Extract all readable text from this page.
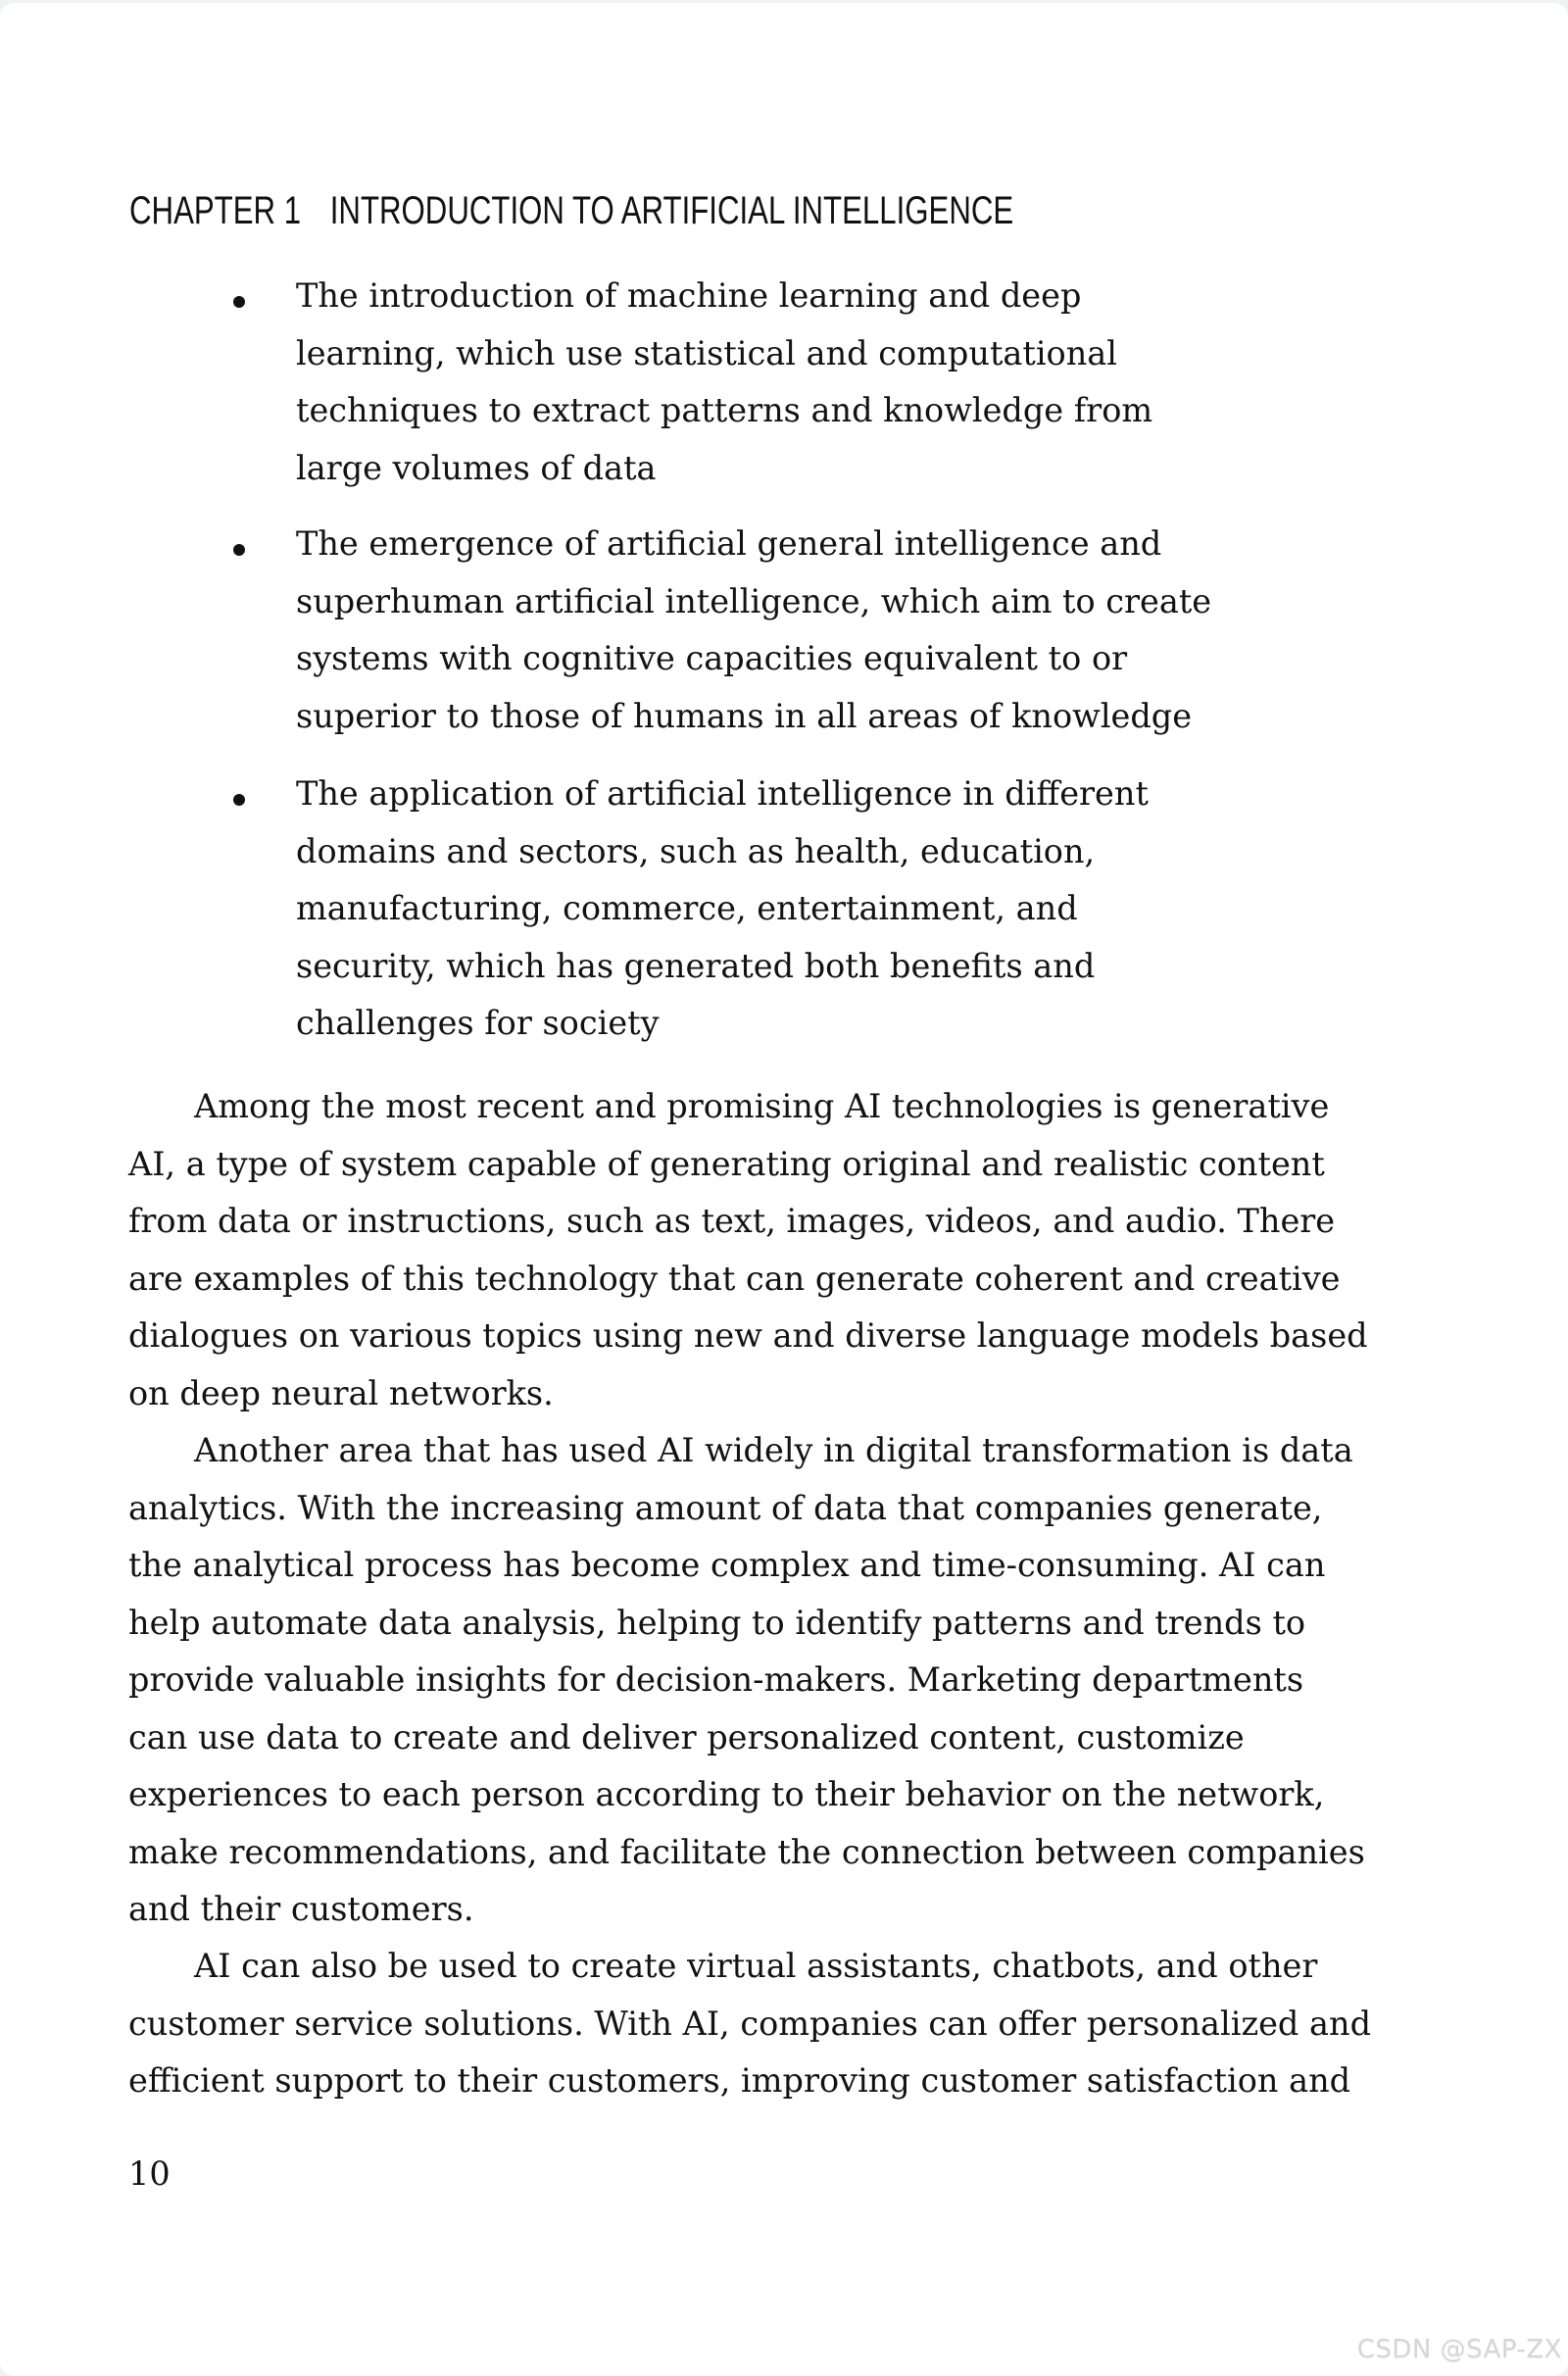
CHAPTER 1 INTRODUCTION TO ARTIFICIAL INTELLIGENCE
The introduction of machine learning and deep
learning, which use statistical and computational
techniques to extract patterns and knowledge from
large volumes of data
The emergence of artificial general intelligence and
superhuman artificial intelligence, which aim to create
systems with cognitive capacities equivalent to or
superior to those of humans in all areas of knowledge
The application of artificial intelligence in different
domains and sectors, such as health, education,
manufacturing, commerce, entertainment, and
security, which has generated both benefits and
challenges for society
Among the most recent and promising AI technologies is generative
AI, a type of system capable of generating original and realistic content
from data or instructions, such as text, images, videos, and audio. There
are examples of this technology that can generate coherent and creative
dialogues on various topics using new and diverse language models based
on deep neural networks.
Another area that has used AI widely in digital transformation is data
analytics. With the increasing amount of data that companies generate,
the analytical process has become complex and time-consuming. AI can
help automate data analysis, helping to identify patterns and trends to
provide valuable insights for decision-makers. Marketing departments
can use data to create and deliver personalized content, customize
experiences to each person according to their behavior on the network,
make recommendations, and facilitate the connection between companies
and their customers.
AI can also be used to create virtual assistants, chatbots, and other
customer service solutions. With AI, companies can offer personalized and
efficient support to their customers, improving customer satisfaction and
10
CSDN @SAP-ZX
